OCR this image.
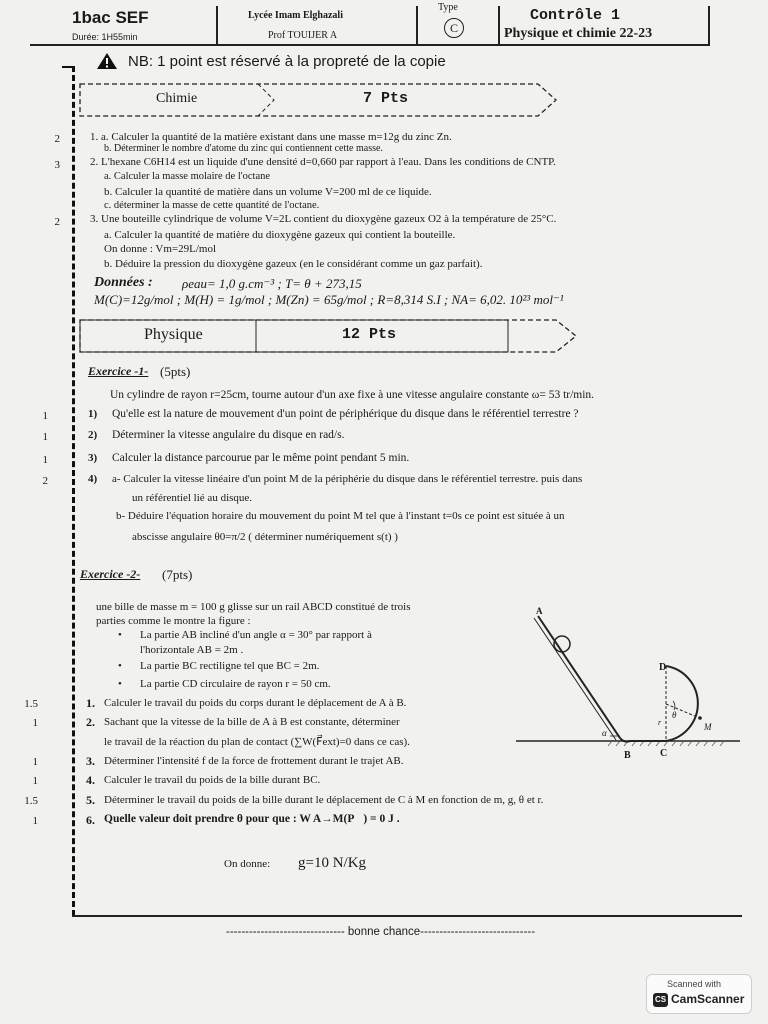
1bac SEF
Durée: 1H55min
Lycée Imam Elghazali
Prof TOUIJER A
Type
C
Contrôle 1
Physique et chimie 22-23
NB: 1 point est réservé à la propreté de la copie
Chimie	7 Pts
2	1. a. Calculer la quantité de la matière existant dans une masse m=12g du zinc Zn.
b. Déterminer le nombre d'atome du zinc qui contiennent cette masse.
3	2. L'hexane C6H14 est un liquide d'une densité d=0,660 par rapport à l'eau. Dans les conditions de CNTP.
a. Calculer la masse molaire de l'octane
b. Calculer la quantité de matière dans un volume V=200 ml de ce liquide.
c. déterminer la masse de cette quantité de l'octane.
2	3. Une bouteille cylindrique de volume V=2L contient du dioxygène gazeux O2 à la température de 25°C.
a. Calculer la quantité de matière du dioxygène gazeux qui contient la bouteille.
On donne : Vm=29L/mol
b. Déduire la pression du dioxygène gazeux (en le considérant comme un gaz parfait).
Données : ρeau= 1,0 g.cm⁻³ ; T= θ + 273,15
M(C)=12g/mol ; M(H) = 1g/mol ; M(Zn) = 65g/mol ; R=8,314 S.I ; NA= 6,02. 10²³ mol⁻¹
Physique	12 Pts
Exercice -1- (5pts)
Un cylindre de rayon r=25cm, tourne autour d'un axe fixe à une vitesse angulaire constante ω= 53 tr/min.
1	1) Qu'elle est la nature de mouvement d'un point de périphérique du disque dans le référentiel terrestre ?
1	2) Déterminer la vitesse angulaire du disque en rad/s.
1	3) Calculer la distance parcourue par le même point pendant 5 min.
2	4) a- Calculer la vitesse linéaire d'un point M de la périphérie du disque dans le référentiel terrestre. puis dans
un référentiel lié au disque.
b- Déduire l'équation horaire du mouvement du point M tel que à l'instant t=0s ce point est située à un
abscisse angulaire θ0=π/2 ( déterminer numériquement s(t) )
Exercice -2- (7pts)
une bille de masse m = 100 g glisse sur un rail ABCD constitué de trois
parties comme le montre la figure :
• La partie AB incliné d'un angle α = 30° par rapport à
l'horizontale AB = 2m .
• La partie BC rectiligne tel que BC = 2m.
• La partie CD circulaire de rayon r = 50 cm.
A
B	C
D
M
α
θ
r
1.5	1. Calculer le travail du poids du corps durant le déplacement de A à B.
1	2. Sachant que la vitesse de la bille de A à B est constante, déterminer
le travail de la réaction du plan de contact (∑W(F⃗ext)=0 dans ce cas).
1	3. Déterminer l'intensité f de la force de frottement durant le trajet AB.
1	4. Calculer le travail du poids de la bille durant BC.
1.5	5. Déterminer le travail du poids de la bille durant le déplacement de C à M en fonction de m, g, θ et r.
1	6. Quelle valeur doit prendre θ pour que : W A→M(P⃗) = 0 J .
On donne: g=10 N/Kg
------------------------------- bonne chance------------------------------
Scanned with
CS CamScanner
